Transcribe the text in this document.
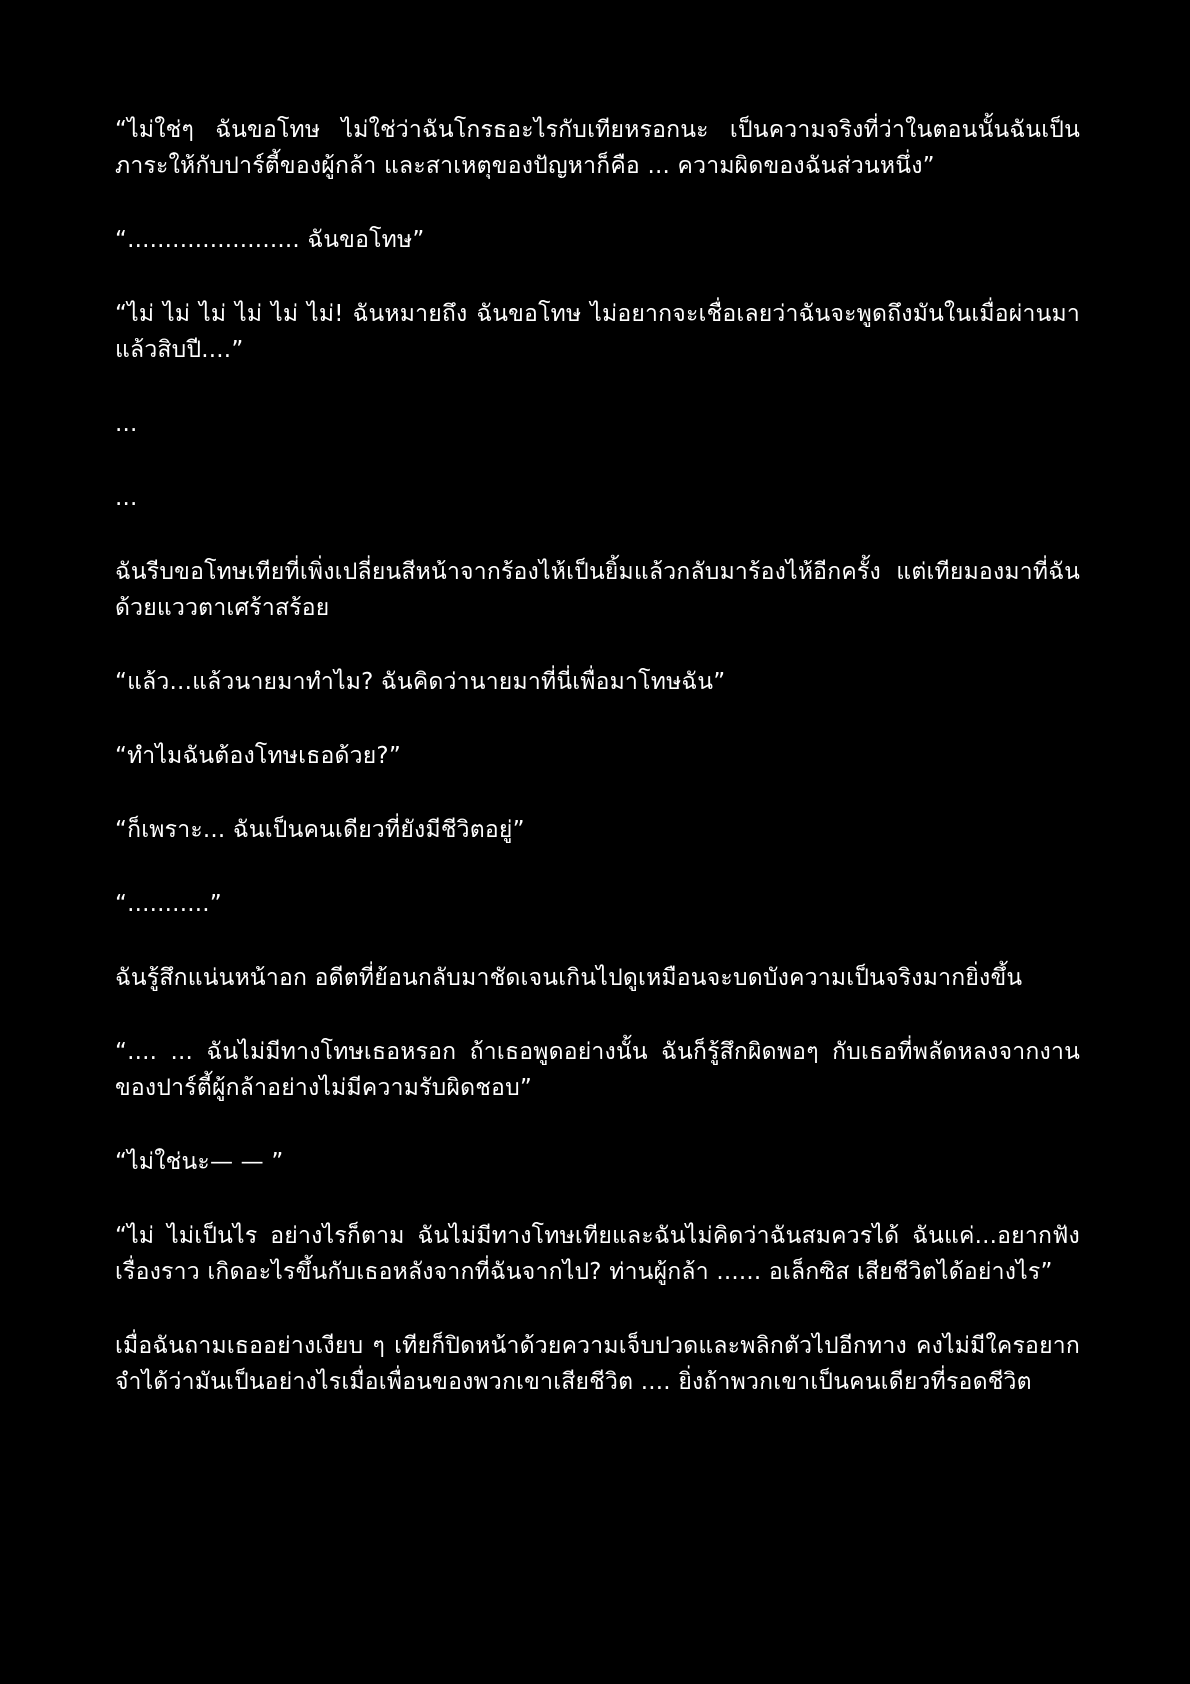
“ไม่ใช่ๆ ฉันขอโทษ ไม่ใช่ว่าฉันโกรธอะไรกับเทียหรอกนะ เป็นความจริงที่ว่าในตอนนั้นฉันเป็นภาระให้กับปาร์ตี้ของผู้กล้า และสาเหตุของปัญหาก็คือ ... ความผิดของฉันส่วนหนึ่ง”

“....................... ฉันขอโทษ”

“ไม่ ไม่ ไม่ ไม่ ไม่ ไม่! ฉันหมายถึง ฉันขอโทษ ไม่อยากจะเชื่อเลยว่าฉันจะพูดถึงมันในเมื่อผ่านมาแล้วสิบปี....”

...

...

ฉันรีบขอโทษเทียที่เพิ่งเปลี่ยนสีหน้าจากร้องไห้เป็นยิ้มแล้วกลับมาร้องไห้อีกครั้ง แต่เทียมองมาที่ฉันด้วยแววตาเศร้าสร้อย

“แล้ว...แล้วนายมาทำไม? ฉันคิดว่านายมาที่นี่เพื่อมาโทษฉัน”

“ทำไมฉันต้องโทษเธอด้วย?”

“ก็เพราะ... ฉันเป็นคนเดียวที่ยังมีชีวิตอยู่”

“...........”

ฉันรู้สึกแน่นหน้าอก อดีตที่ย้อนกลับมาชัดเจนเกินไปดูเหมือนจะบดบังความเป็นจริงมากยิ่งขึ้น

“.... ... ฉันไม่มีทางโทษเธอหรอก ถ้าเธอพูดอย่างนั้น ฉันก็รู้สึกผิดพอๆ กับเธอที่พลัดหลงจากงานของปาร์ตี้ผู้กล้าอย่างไม่มีความรับผิดชอบ”

“ไม่ใช่นะ— — ”

“ไม่ ไม่เป็นไร อย่างไรก็ตาม ฉันไม่มีทางโทษเทียและฉันไม่คิดว่าฉันสมควรได้ ฉันแค่...อยากฟังเรื่องราว เกิดอะไรขึ้นกับเธอหลังจากที่ฉันจากไป? ท่านผู้กล้า ...... อเล็กซิส เสียชีวิตได้อย่างไร”

เมื่อฉันถามเธออย่างเงียบ ๆ เทียก็ปิดหน้าด้วยความเจ็บปวดและพลิกตัวไปอีกทาง คงไม่มีใครอยากจำได้ว่ามันเป็นอย่างไรเมื่อเพื่อนของพวกเขาเสียชีวิต .... ยิ่งถ้าพวกเขาเป็นคนเดียวที่รอดชีวิต
